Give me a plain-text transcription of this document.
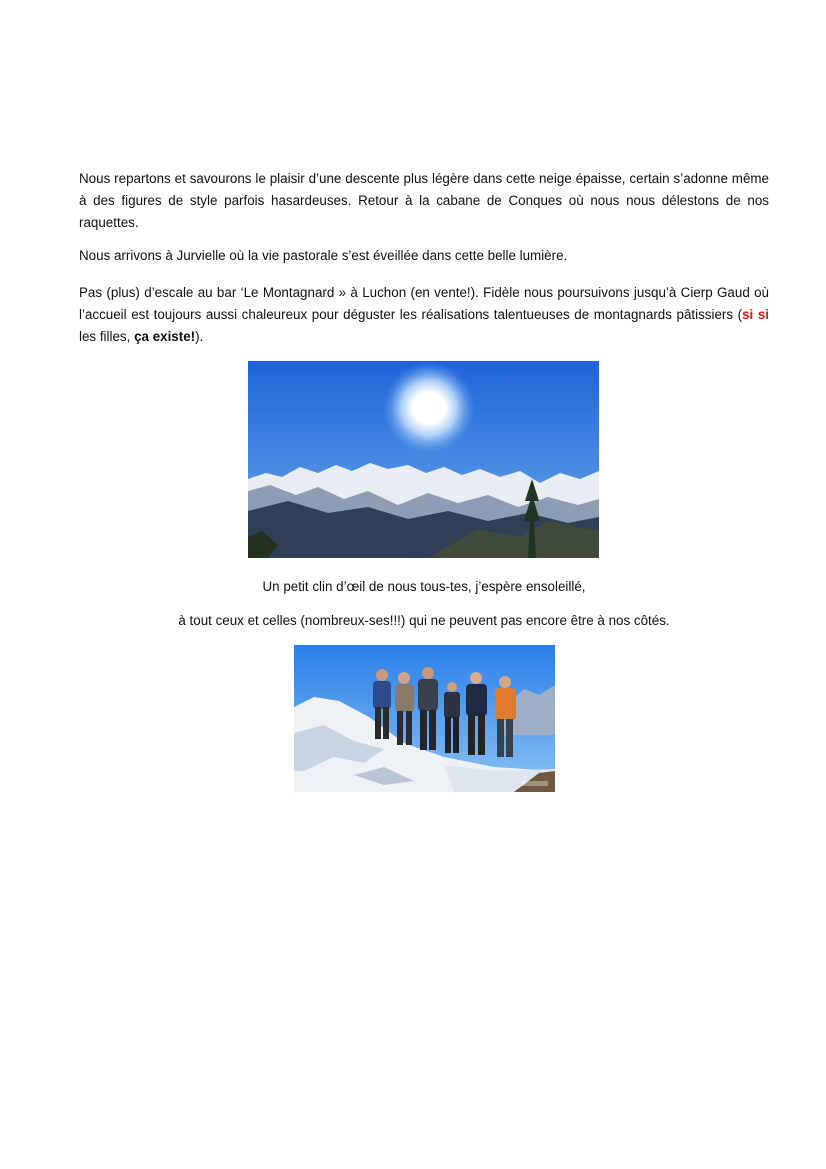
Nous repartons et savourons le plaisir d’une descente plus légère dans cette neige épaisse, certain s’adonne même à des figures de style parfois hasardeuses. Retour à la cabane de Conques où nous nous délestons de nos raquettes.

Nous arrivons à Jurvielle où la vie pastorale s’est éveillée dans cette belle lumière.

Pas (plus) d’escale au bar ‘Le Montagnard » à Luchon (en vente!). Fidèle nous poursuivons jusqu’à Cierp Gaud où l’accueil est toujours aussi chaleureux pour déguster les réalisations talentueuses de montagnards pâtissiers (si si les filles, ça existe!).

Un petit clin d’œil de nous tous-tes, j’espère ensoleillé,

à tout ceux et celles (nombreux-ses!!!) qui ne peuvent pas encore être à nos côtés.
